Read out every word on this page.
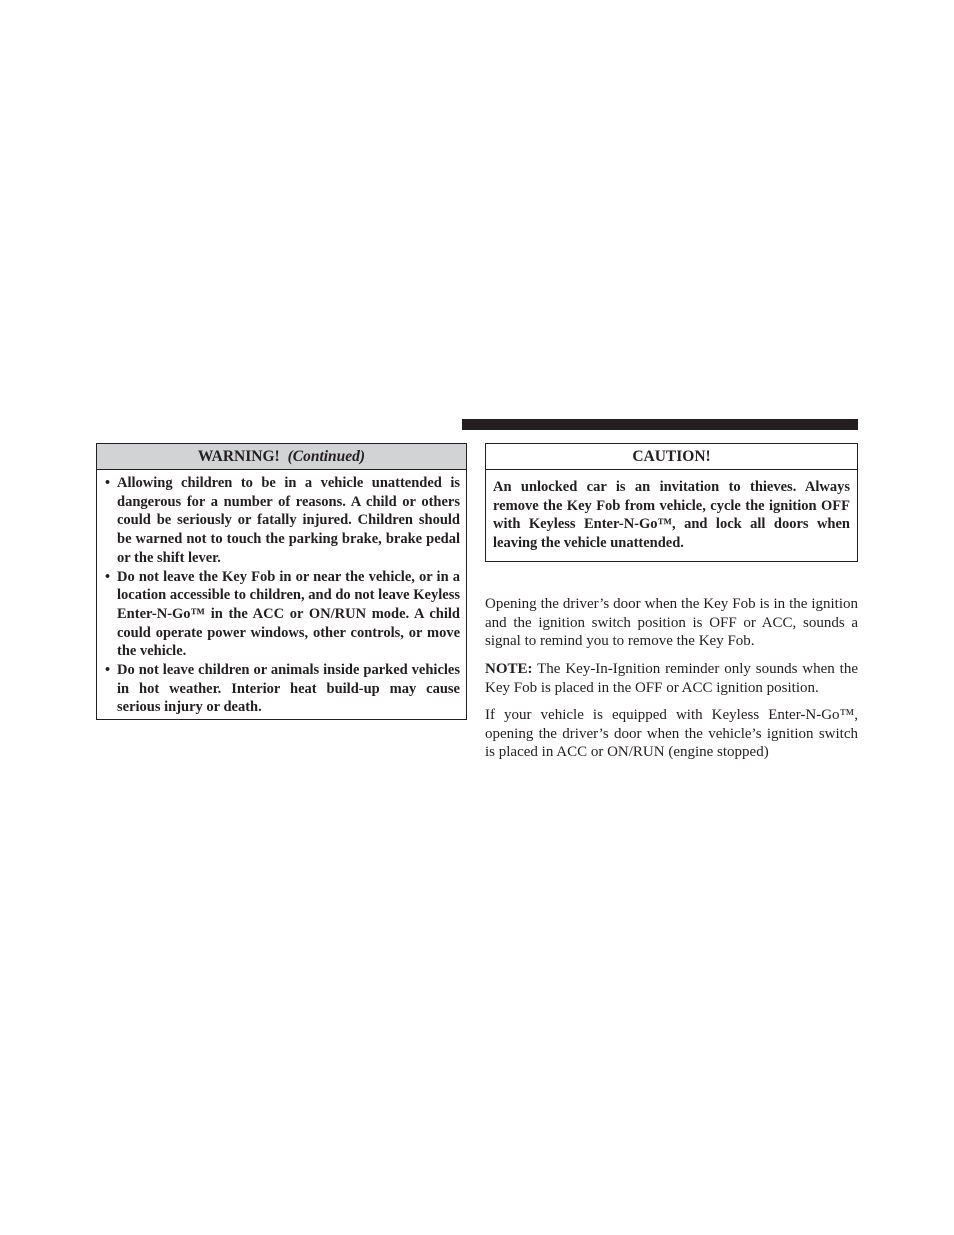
WARNING! (Continued)
• Allowing children to be in a vehicle unattended is dangerous for a number of reasons. A child or others could be seriously or fatally injured. Children should be warned not to touch the parking brake, brake pedal or the shift lever.
• Do not leave the Key Fob in or near the vehicle, or in a location accessible to children, and do not leave Keyless Enter-N-Go™ in the ACC or ON/RUN mode. A child could operate power windows, other controls, or move the vehicle.
• Do not leave children or animals inside parked vehicles in hot weather. Interior heat build-up may cause serious injury or death.
CAUTION!
An unlocked car is an invitation to thieves. Always remove the Key Fob from vehicle, cycle the ignition OFF with Keyless Enter-N-Go™, and lock all doors when leaving the vehicle unattended.

Opening the driver’s door when the Key Fob is in the ignition and the ignition switch position is OFF or ACC, sounds a signal to remind you to remove the Key Fob.

NOTE: The Key-In-Ignition reminder only sounds when the Key Fob is placed in the OFF or ACC ignition position.

If your vehicle is equipped with Keyless Enter-N-Go™, opening the driver’s door when the vehicle’s ignition switch is placed in ACC or ON/RUN (engine stopped)
